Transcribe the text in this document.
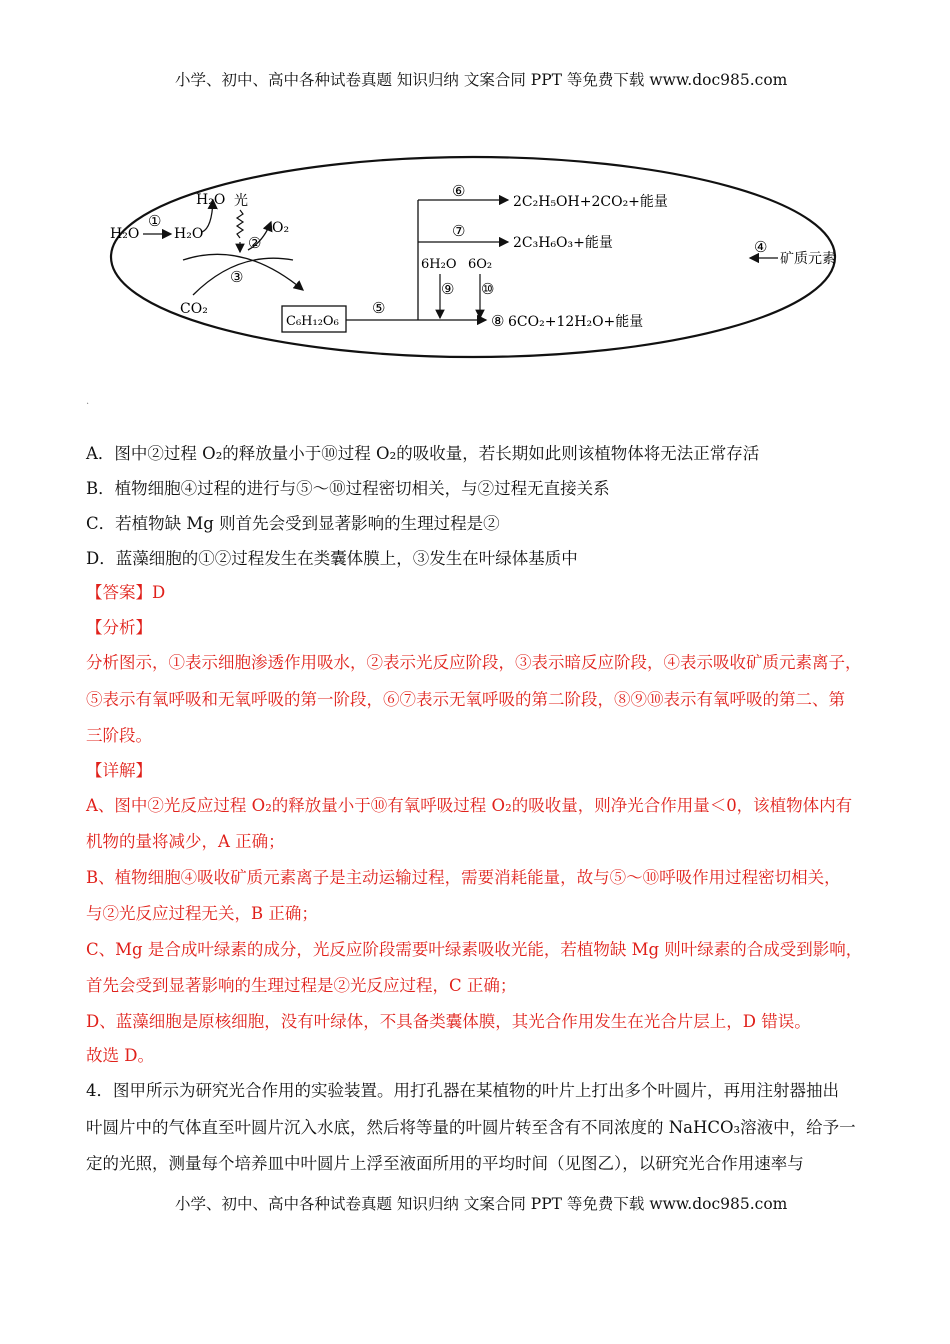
小学、初中、高中各种试卷真题 知识归纳 文案合同 PPT 等免费下载 www.doc985.com
H₂O
①
H₂O
H₂O 光
②
O₂
③
CO₂
C₆H₁₂O₆
⑤
⑥
⑦
2C₂H₅OH+2CO₂+能量
2C₃H₆O₃+能量
6H₂O 6O₂
⑨ ⑩
⑧ 6CO₂+12H₂O+能量
④
矿质元素
.
A．图中②过程 O₂的释放量小于⑩过程 O₂的吸收量，若长期如此则该植物体将无法正常存活
B．植物细胞④过程的进行与⑤～⑩过程密切相关，与②过程无直接关系
C．若植物缺 Mg 则首先会受到显著影响的生理过程是②
D．蓝藻细胞的①②过程发生在类囊体膜上，③发生在叶绿体基质中
【答案】D
【分析】
分析图示，①表示细胞渗透作用吸水，②表示光反应阶段，③表示暗反应阶段，④表示吸收矿质元素离子，
⑤表示有氧呼吸和无氧呼吸的第一阶段，⑥⑦表示无氧呼吸的第二阶段，⑧⑨⑩表示有氧呼吸的第二、第
三阶段。
【详解】
A、图中②光反应过程 O₂的释放量小于⑩有氧呼吸过程 O₂的吸收量，则净光合作用量＜0，该植物体内有
机物的量将减少，A 正确；
B、植物细胞④吸收矿质元素离子是主动运输过程，需要消耗能量，故与⑤～⑩呼吸作用过程密切相关，
与②光反应过程无关，B 正确；
C、Mg 是合成叶绿素的成分，光反应阶段需要叶绿素吸收光能，若植物缺 Mg 则叶绿素的合成受到影响，
首先会受到显著影响的生理过程是②光反应过程，C 正确；
D、蓝藻细胞是原核细胞，没有叶绿体，不具备类囊体膜，其光合作用发生在光合片层上，D 错误。
故选 D。
4．图甲所示为研究光合作用的实验装置。用打孔器在某植物的叶片上打出多个叶圆片，再用注射器抽出
叶圆片中的气体直至叶圆片沉入水底，然后将等量的叶圆片转至含有不同浓度的 NaHCO₃溶液中，给予一
定的光照，测量每个培养皿中叶圆片上浮至液面所用的平均时间（见图乙），以研究光合作用速率与
小学、初中、高中各种试卷真题 知识归纳 文案合同 PPT 等免费下载 www.doc985.com
